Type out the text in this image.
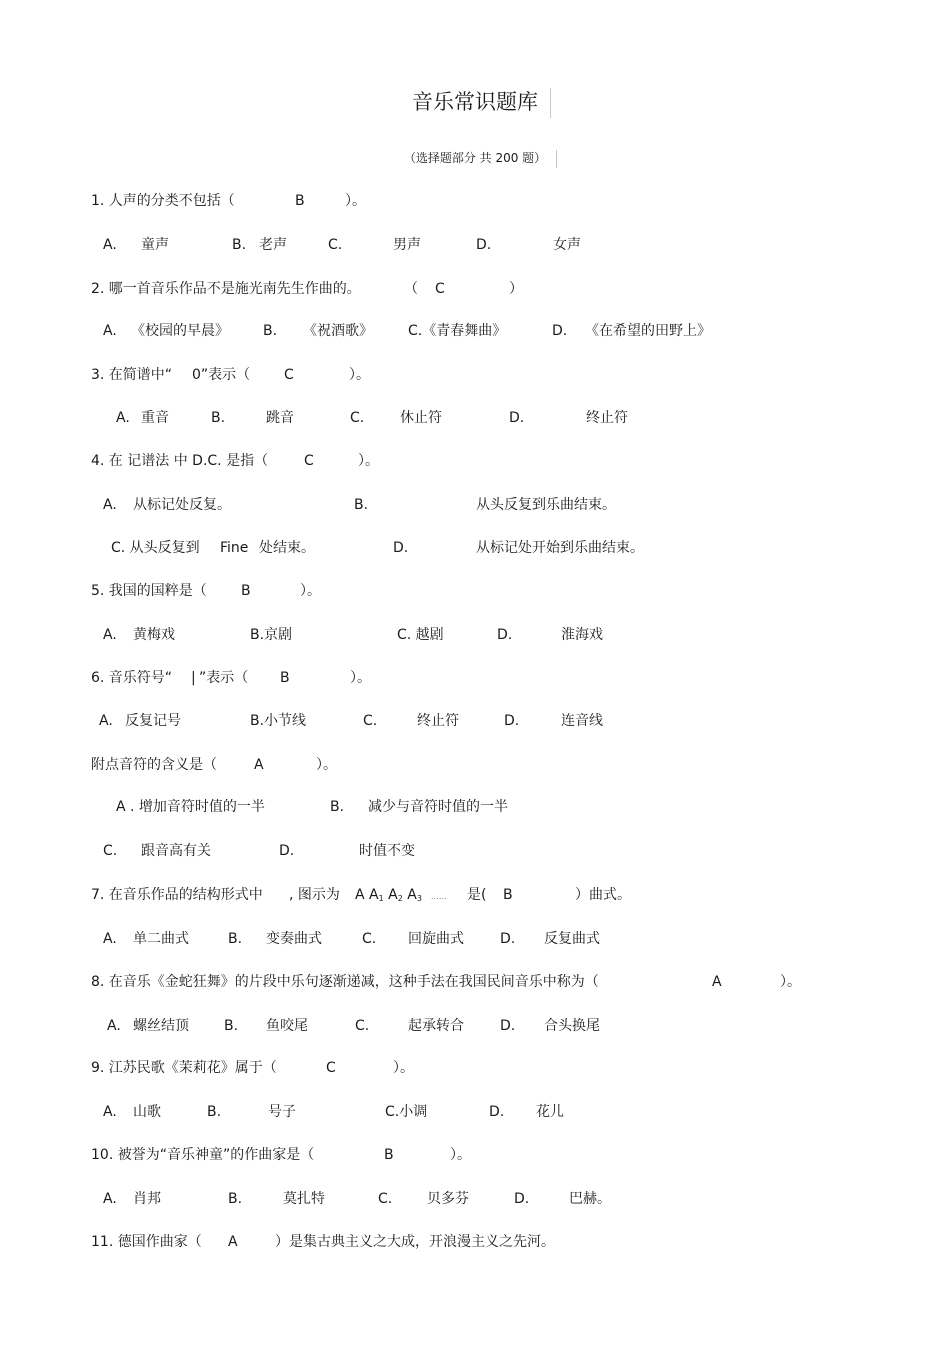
音乐常识题库
（选择题部分 共 200 题）
1. 人声的分类不包括（	B	）。
A. 童声	B. 老声	C.	男声	D.	女声
2. 哪一首音乐作品不是施光南先生作曲的。	（ C	）
A. 《校园的早晨》 B. 《祝酒歌》	C.《青春舞曲》	D. 《在希望的田野上》
3. 在简谱中“ 0”表示（ C	）。
A. 重音	B.	跳音	C.	休止符	D.	终止符
4. 在 记谱法 中 D.C. 是指（	C	）。
A. 从标记处反复。	B.	从头反复到乐曲结束。
C. 从头反复到 Fine 处结束。	D.	从标记处开始到乐曲结束。
5. 我国的国粹是（ B	）。
A. 黄梅戏	B.京剧	C. 越剧	D.	淮海戏
6. 音乐符号“ | ”表示（ B	）。
A. 反复记号	B.小节线	C.	终止符	D.	连音线
附点音符的含义是（	A	）。
A . 增加音符时值的一半	B. 减少与音符时值的一半
C. 跟音高有关	D.	时值不变
7. 在音乐作品的结构形式中 , 图示为 A $A_1$ $A_2$ $A_3$ …… 是( B	）曲式。
A. 单二曲式	B. 变奏曲式	C. 回旋曲式	D. 反复曲式
8. 在音乐《金蛇狂舞》的片段中乐句逐渐递减，这种手法在我国民间音乐中称为（	A	）。
A. 螺丝结顶	B. 鱼咬尾	C.	起承转合	D. 合头换尾
9. 江苏民歌《茉莉花》属于（	C	）。
A. 山歌	B.	号子	C.小调	D. 花儿
10. 被誉为“音乐神童”的作曲家是（	B	）。
A. 肖邦	B.	莫扎特	C. 贝多芬	D.	巴赫。
11. 德国作曲家（ A	）是集古典主义之大成，开浪漫主义之先河。
